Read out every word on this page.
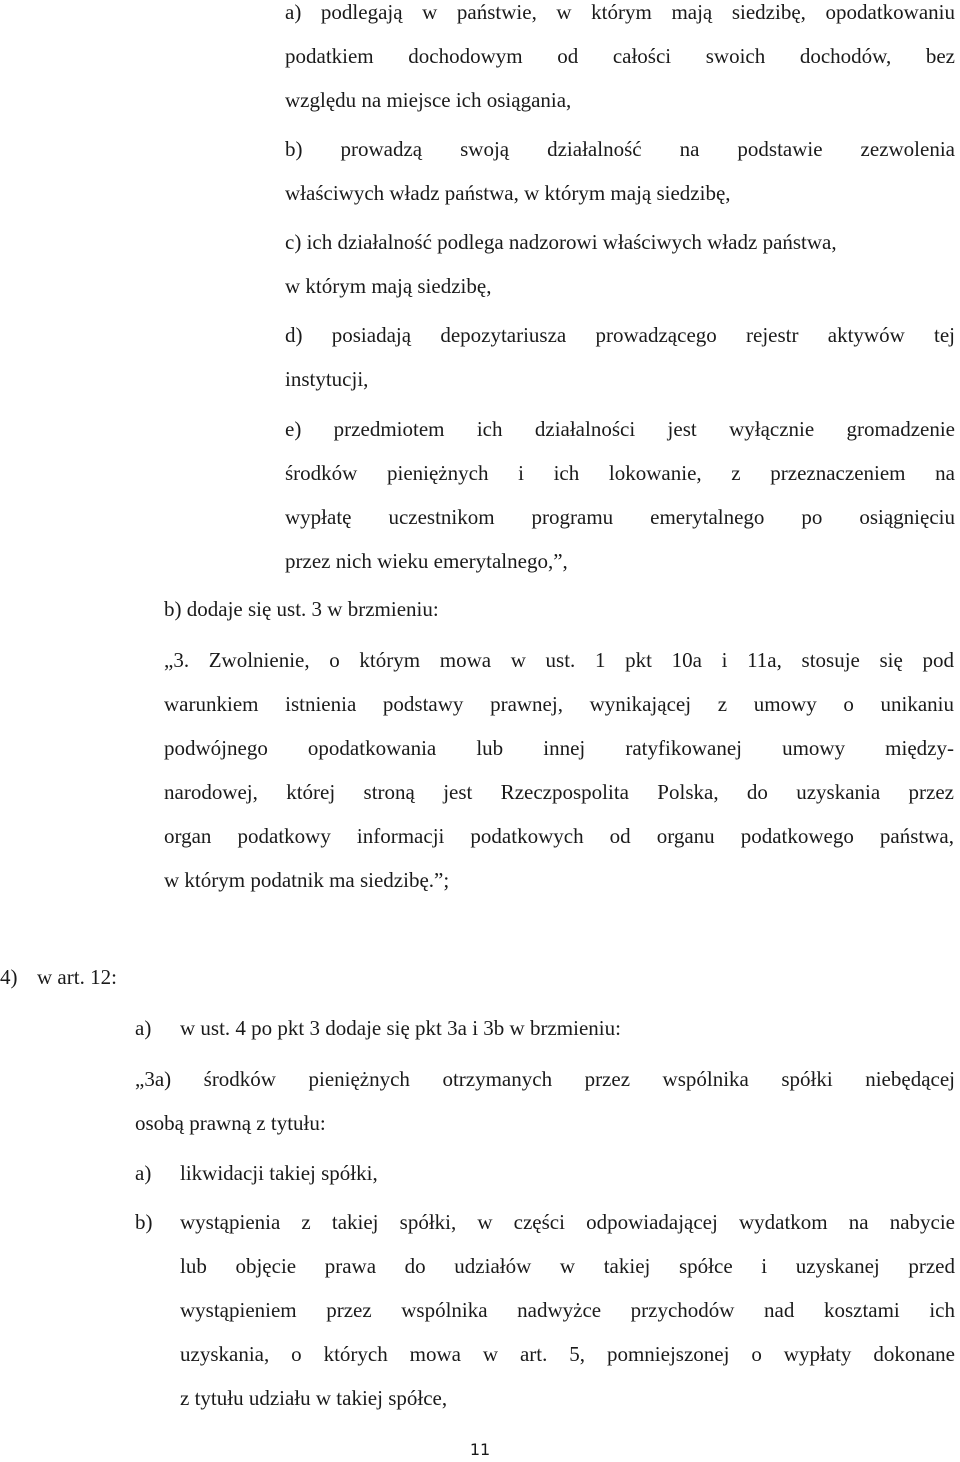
a) podlegają w państwie, w którym mają siedzibę, opodatkowaniu
podatkiem dochodowym od całości swoich dochodów, bez
względu na miejsce ich osiągania,
b) prowadzą swoją działalność na podstawie zezwolenia
właściwych władz państwa, w którym mają siedzibę,
c) ich działalność podlega nadzorowi właściwych władz państwa,
w którym mają siedzibę,
d) posiadają depozytariusza prowadzącego rejestr aktywów tej
instytucji,
e) przedmiotem ich działalności jest wyłącznie gromadzenie
środków pieniężnych i ich lokowanie, z przeznaczeniem na
wypłatę uczestnikom programu emerytalnego po osiągnięciu
przez nich wieku emerytalnego,”,
b) dodaje się ust. 3 w brzmieniu:
„3. Zwolnienie, o którym mowa w ust. 1 pkt 10a i 11a, stosuje się pod
warunkiem istnienia podstawy prawnej, wynikającej z umowy o unikaniu
podwójnego opodatkowania lub innej ratyfikowanej umowy między-
narodowej, której stroną jest Rzeczpospolita Polska, do uzyskania przez
organ podatkowy informacji podatkowych od organu podatkowego państwa,
w którym podatnik ma siedzibę.”;
4) w art. 12:
a) w ust. 4 po pkt 3 dodaje się pkt 3a i 3b w brzmieniu:
„3a) środków pieniężnych otrzymanych przez wspólnika spółki niebędącej
osobą prawną z tytułu:
a) likwidacji takiej spółki,
b) wystąpienia z takiej spółki, w części odpowiadającej wydatkom na nabycie
lub objęcie prawa do udziałów w takiej spółce i uzyskanej przed
wystąpieniem przez wspólnika nadwyżce przychodów nad kosztami ich
uzyskania, o których mowa w art. 5, pomniejszonej o wypłaty dokonane
z tytułu udziału w takiej spółce,
11
